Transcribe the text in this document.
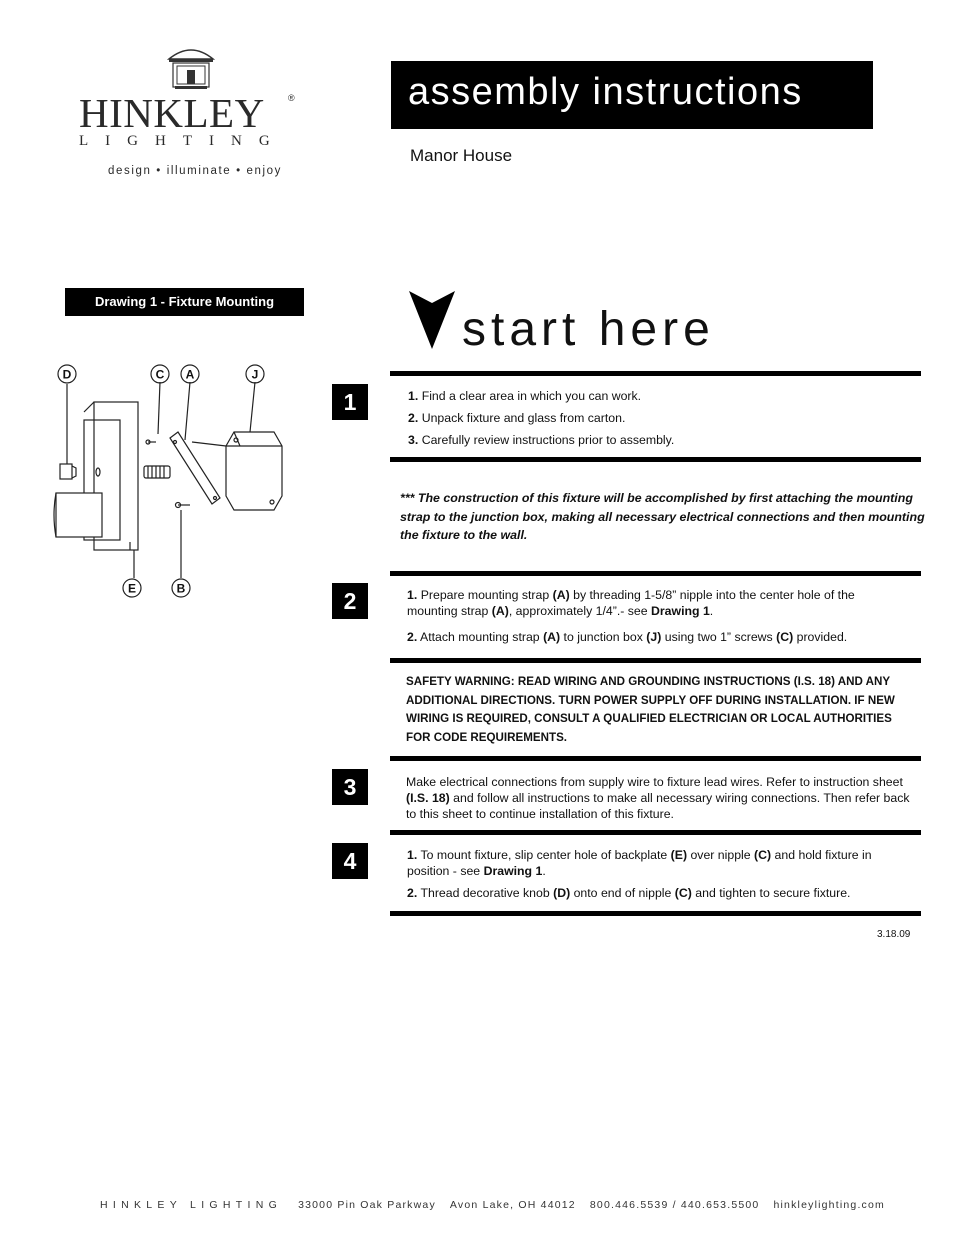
HINKLEY	®
LIGHTING
design • illuminate • enjoy
assembly instructions
Manor House
Drawing 1 - Fixture Mounting
D	C A	J
E	B
start here
1	1. Find a clear area in which you can work.

2. Unpack fixture and glass from carton.

3. Carefully review instructions prior to assembly.

*** The construction of this fixture will be accomplished by first attaching the mounting strap to the junction box, making all necessary electrical connections and then mounting the fixture to the wall.
2	1. Prepare mounting strap (A) by threading 1-5/8” nipple into the center hole of the mounting strap (A), approximately 1/4”.- see Drawing 1.

2. Attach mounting strap (A) to junction box (J) using two 1” screws (C) provided.

SAFETY WARNING: READ WIRING AND GROUNDING INSTRUCTIONS (I.S. 18) AND ANY ADDITIONAL DIRECTIONS. TURN POWER SUPPLY OFF DURING INSTALLATION. IF NEW WIRING IS REQUIRED, CONSULT A QUALIFIED ELECTRICIAN OR LOCAL AUTHORITIES FOR CODE REQUIREMENTS.
3	Make electrical connections from supply wire to fixture lead wires. Refer to instruction sheet (I.S. 18) and follow all instructions to make all necessary wiring connections. Then refer back to this sheet to continue installation of this fixture.

4	1. To mount fixture, slip center hole of backplate (E) over nipple (C) and hold fixture in position - see Drawing 1.

2. Thread decorative knob (D) onto end of nipple (C) and tighten to secure fixture.

3.18.09
HINKLEY LIGHTING 33000 Pin Oak Parkway Avon Lake, OH 44012 800.446.5539 / 440.653.5500 hinkleylighting.com
